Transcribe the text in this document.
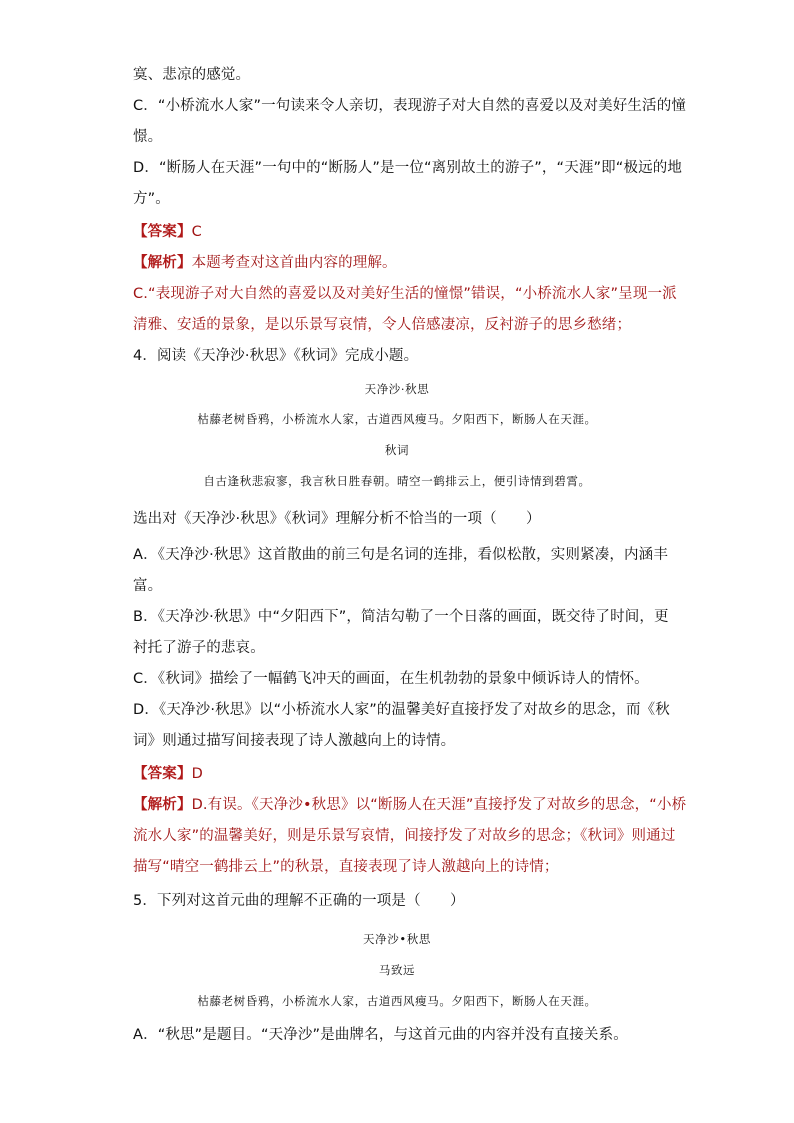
寞、悲凉的感觉。
C．“小桥流水人家”一句读来令人亲切，表现游子对大自然的喜爱以及对美好生活的憧
憬。
D．“断肠人在天涯”一句中的“断肠人”是一位“离别故土的游子”，“天涯”即“极远的地
方”。
【答案】C
【解析】本题考查对这首曲内容的理解。
C.“表现游子对大自然的喜爱以及对美好生活的憧憬”错误，“小桥流水人家”呈现一派
清雅、安适的景象，是以乐景写哀情，令人倍感凄凉，反衬游子的思乡愁绪；
4．阅读《天净沙·秋思》《秋词》完成小题。
天净沙·秋思
枯藤老树昏鸦，小桥流水人家，古道西风瘦马。夕阳西下，断肠人在天涯。
秋词
自古逢秋悲寂寥，我言秋日胜春朝。晴空一鹤排云上，便引诗情到碧霄。
选出对《天净沙·秋思》《秋词》理解分析不恰当的一项（　　）
A．《天净沙·秋思》这首散曲的前三句是名词的连排，看似松散，实则紧凑，内涵丰
富。
B．《天净沙·秋思》中“夕阳西下”，简洁勾勒了一个日落的画面，既交待了时间，更
衬托了游子的悲哀。
C．《秋词》描绘了一幅鹤飞冲天的画面，在生机勃勃的景象中倾诉诗人的情怀。
D．《天净沙·秋思》以“小桥流水人家”的温馨美好直接抒发了对故乡的思念，而《秋
词》则通过描写间接表现了诗人激越向上的诗情。
【答案】D
【解析】D.有误。《天净沙•秋思》以“断肠人在天涯”直接抒发了对故乡的思念，“小桥
流水人家”的温馨美好，则是乐景写哀情，间接抒发了对故乡的思念；《秋词》则通过
描写“晴空一鹤排云上”的秋景，直接表现了诗人激越向上的诗情；
5．下列对这首元曲的理解不正确的一项是（　　）
天净沙•秋思
马致远
枯藤老树昏鸦，小桥流水人家，古道西风瘦马。夕阳西下，断肠人在天涯。
A．“秋思”是题目。“天净沙”是曲牌名，与这首元曲的内容并没有直接关系。
